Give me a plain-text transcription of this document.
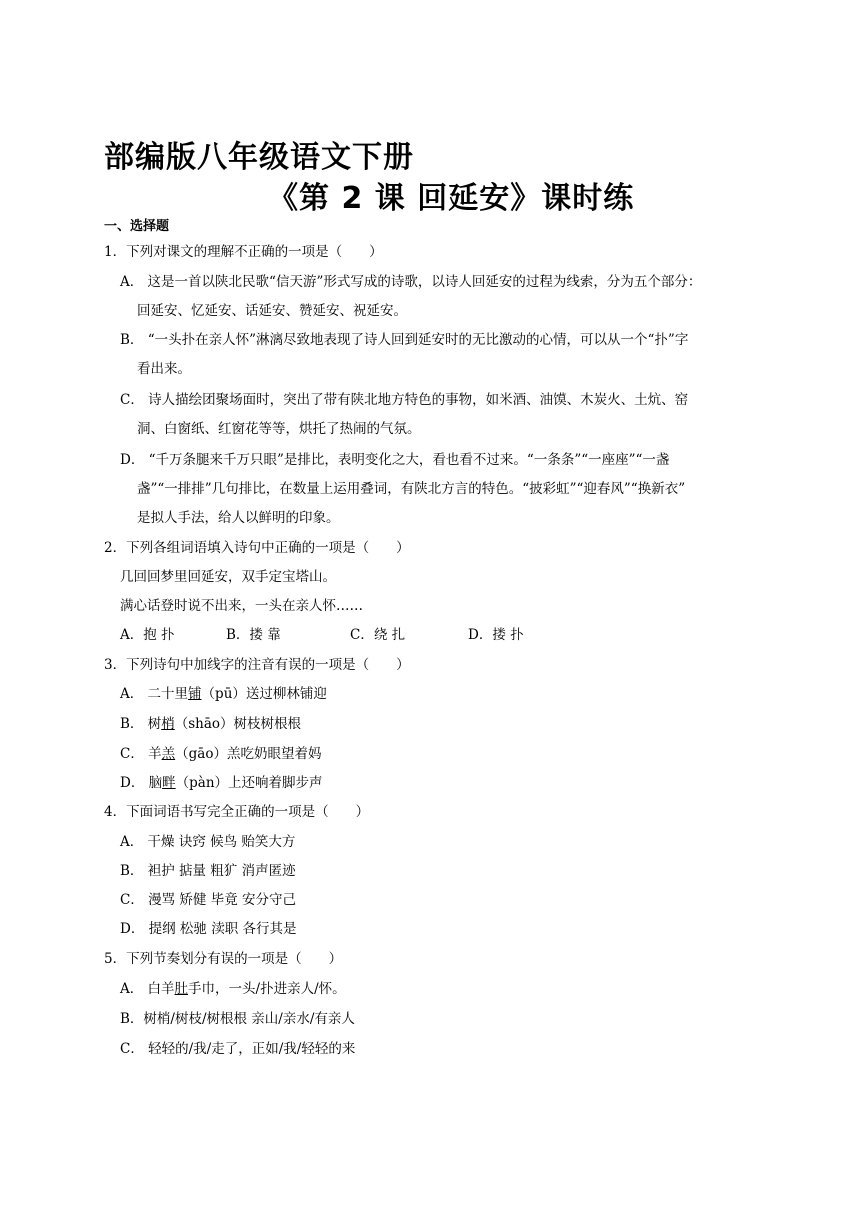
部编版八年级语文下册
《第 2 课 回延安》课时练
一、选择题
1．下列对课文的理解不正确的一项是（　　）
A． 这是一首以陕北民歌“信天游”形式写成的诗歌，以诗人回延安的过程为线索，分为五个部分：
回延安、忆延安、话延安、赞延安、祝延安。
B． “一头扑在亲人怀”淋漓尽致地表现了诗人回到延安时的无比激动的心情，可以从一个“扑”字
看出来。
C． 诗人描绘团聚场面时，突出了带有陕北地方特色的事物，如米酒、油馍、木炭火、土炕、窑
洞、白窗纸、红窗花等等，烘托了热闹的气氛。
D． “千万条腿来千万只眼”是排比，表明变化之大，看也看不过来。“一条条”“一座座”“一盏
盏”“一排排”几句排比，在数量上运用叠词，有陕北方言的特色。“披彩虹”“迎春风”“换新衣”
是拟人手法，给人以鲜明的印象。
2．下列各组词语填入诗句中正确的一项是（　　）
几回回梦里回延安，双手定宝塔山。
满心话登时说不出来，一头在亲人怀……
A．抱 扑	B．搂 靠	C．绕 扎	D．搂 扑
3．下列诗句中加线字的注音有误的一项是（　　）
A． 二十里铺（pū）送过柳林铺迎
B． 树梢（shāo）树枝树根根
C． 羊羔（gāo）羔吃奶眼望着妈
D． 脑畔（pàn）上还响着脚步声
4．下面词语书写完全正确的一项是（　　）
A． 干燥 诀窍 候鸟 贻笑大方
B． 袒护 掂量 粗犷 消声匿迹
C． 漫骂 矫健 毕竟 安分守己
D． 提纲 松驰 渎职 各行其是
5．下列节奏划分有误的一项是（　　）
A． 白羊肚手巾，一头/扑进亲人/怀。
B．树梢/树枝/树根根 亲山/亲水/有亲人
C． 轻轻的/我/走了，正如/我/轻轻的来
